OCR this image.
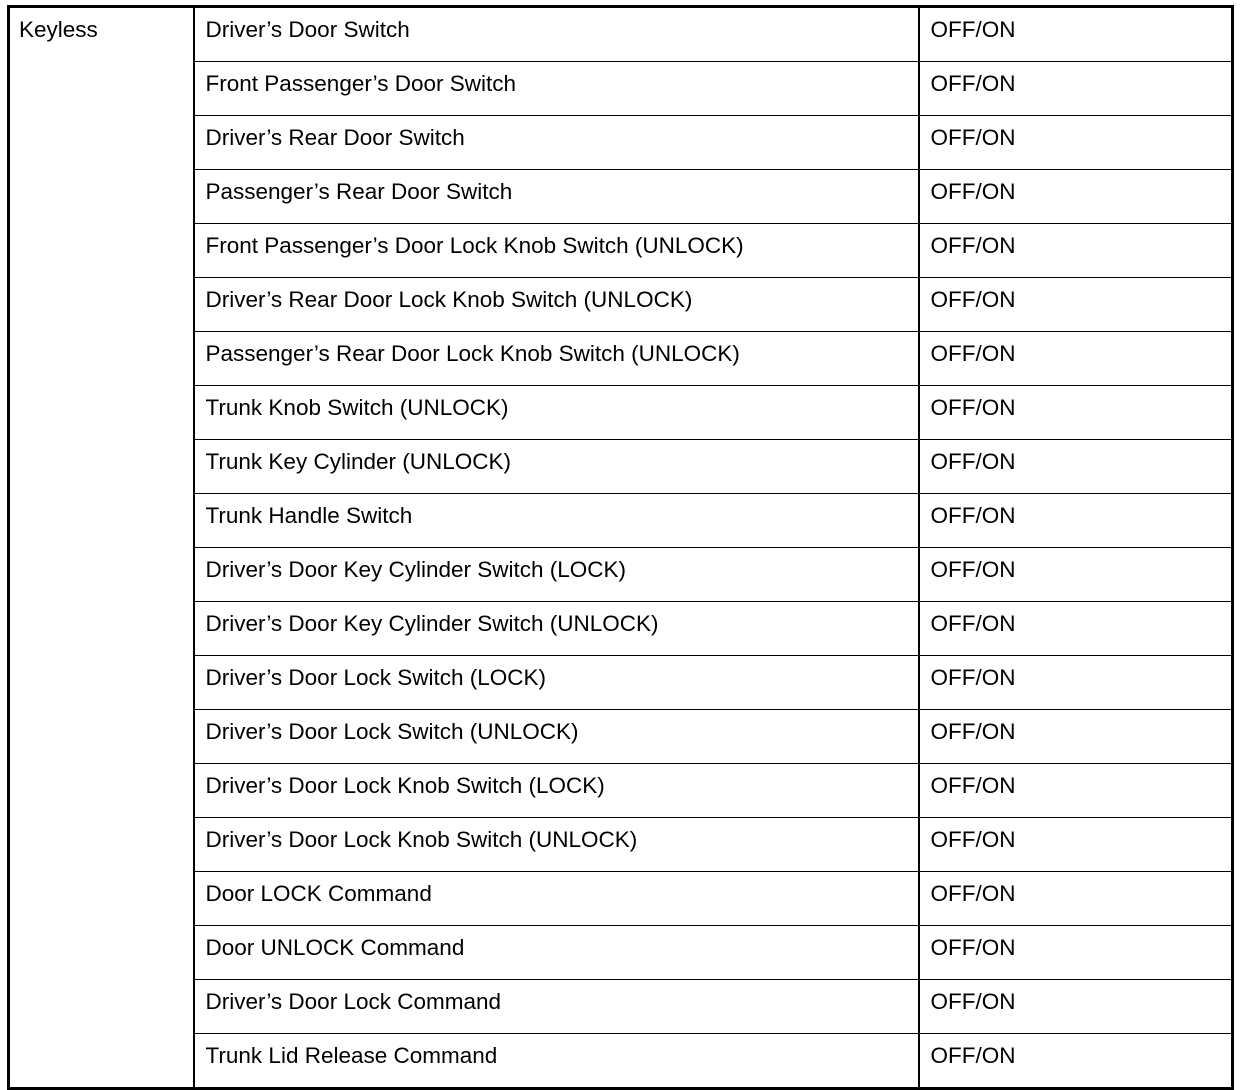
Keyless	Driver’s Door Switch	OFF/ON
	Front Passenger’s Door Switch	OFF/ON
	Driver’s Rear Door Switch	OFF/ON
	Passenger’s Rear Door Switch	OFF/ON
	Front Passenger’s Door Lock Knob Switch (UNLOCK)	OFF/ON
	Driver’s Rear Door Lock Knob Switch (UNLOCK)	OFF/ON
	Passenger’s Rear Door Lock Knob Switch (UNLOCK)	OFF/ON
	Trunk Knob Switch (UNLOCK)	OFF/ON
	Trunk Key Cylinder (UNLOCK)	OFF/ON
	Trunk Handle Switch	OFF/ON
	Driver’s Door Key Cylinder Switch (LOCK)	OFF/ON
	Driver’s Door Key Cylinder Switch (UNLOCK)	OFF/ON
	Driver’s Door Lock Switch (LOCK)	OFF/ON
	Driver’s Door Lock Switch (UNLOCK)	OFF/ON
	Driver’s Door Lock Knob Switch (LOCK)	OFF/ON
	Driver’s Door Lock Knob Switch (UNLOCK)	OFF/ON
	Door LOCK Command	OFF/ON
	Door UNLOCK Command	OFF/ON
	Driver’s Door Lock Command	OFF/ON
	Trunk Lid Release Command	OFF/ON
